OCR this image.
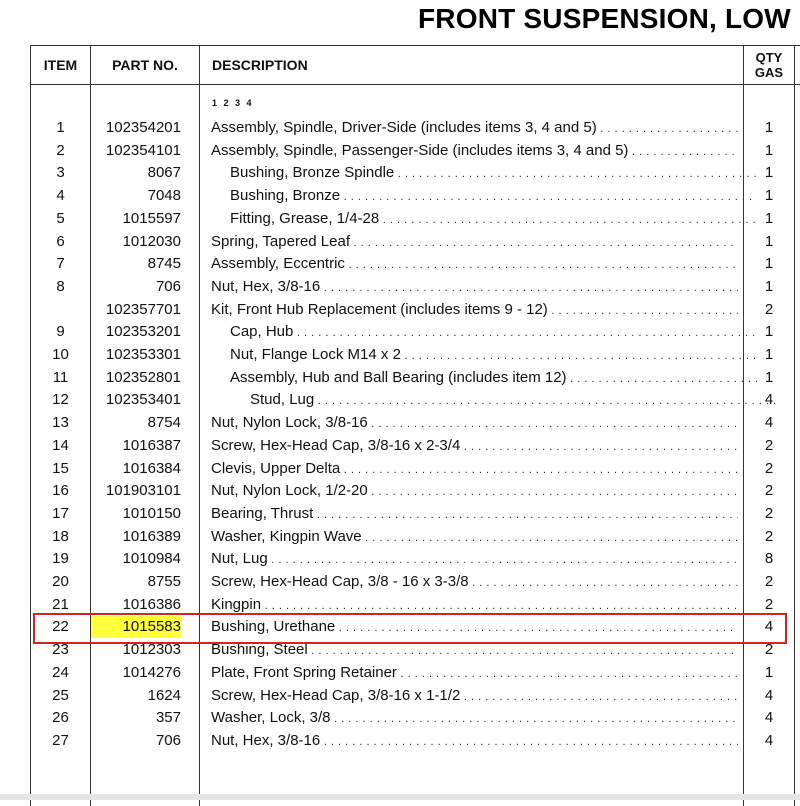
FRONT SUSPENSION, LOW
ITEM	PART NO.	DESCRIPTION	QTY
GAS
1 2 3 4
1	102354201 Assembly, Spindle, Driver-Side (includes items 3, 4 and 5) . . .	1
2	102354101 Assembly, Spindle, Passenger-Side (includes items 3, 4 and 5) . . .	1
3	8067	Bushing, Bronze Spindle . . .	1
4	7048	Bushing, Bronze . . .	1
5	1015597	Fitting, Grease, 1/4-28 . . .	1
6	1012030 Spring, Tapered Leaf . . .	1
7	8745 Assembly, Eccentric . . .	1
8	706 Nut, Hex, 3/8-16 . . .	1
102357701 Kit, Front Hub Replacement (includes items 9 - 12) . . .	2
9	102353201	Cap, Hub . . .	1
10	102353301	Nut, Flange Lock M14 x 2 . . .	1
11	102352801	Assembly, Hub and Ball Bearing (includes item 12) . . .	1
12	102353401	Stud, Lug . . .	4
13	8754 Nut, Nylon Lock, 3/8-16 . . .	4
14	1016387 Screw, Hex-Head Cap, 3/8-16 x 2-3/4 . . .	2
15	1016384 Clevis, Upper Delta . . .	2
16	101903101 Nut, Nylon Lock, 1/2-20 . . .	2
17	1010150 Bearing, Thrust . . .	2
18	1016389 Washer, Kingpin Wave . . .	2
19	1010984 Nut, Lug . . .	8
20	8755 Screw, Hex-Head Cap, 3/8 - 16 x 3-3/8 . . .	2
21	1016386 Kingpin . . .	2
22	1015583 Bushing, Urethane . . .	4
23	1012303 Bushing, Steel . . .	2
24	1014276 Plate, Front Spring Retainer . . .	1
25	1624 Screw, Hex-Head Cap, 3/8-16 x 1-1/2 . . .	4
26	357 Washer, Lock, 3/8 . . .	4
27	706 Nut, Hex, 3/8-16 . . .	4
